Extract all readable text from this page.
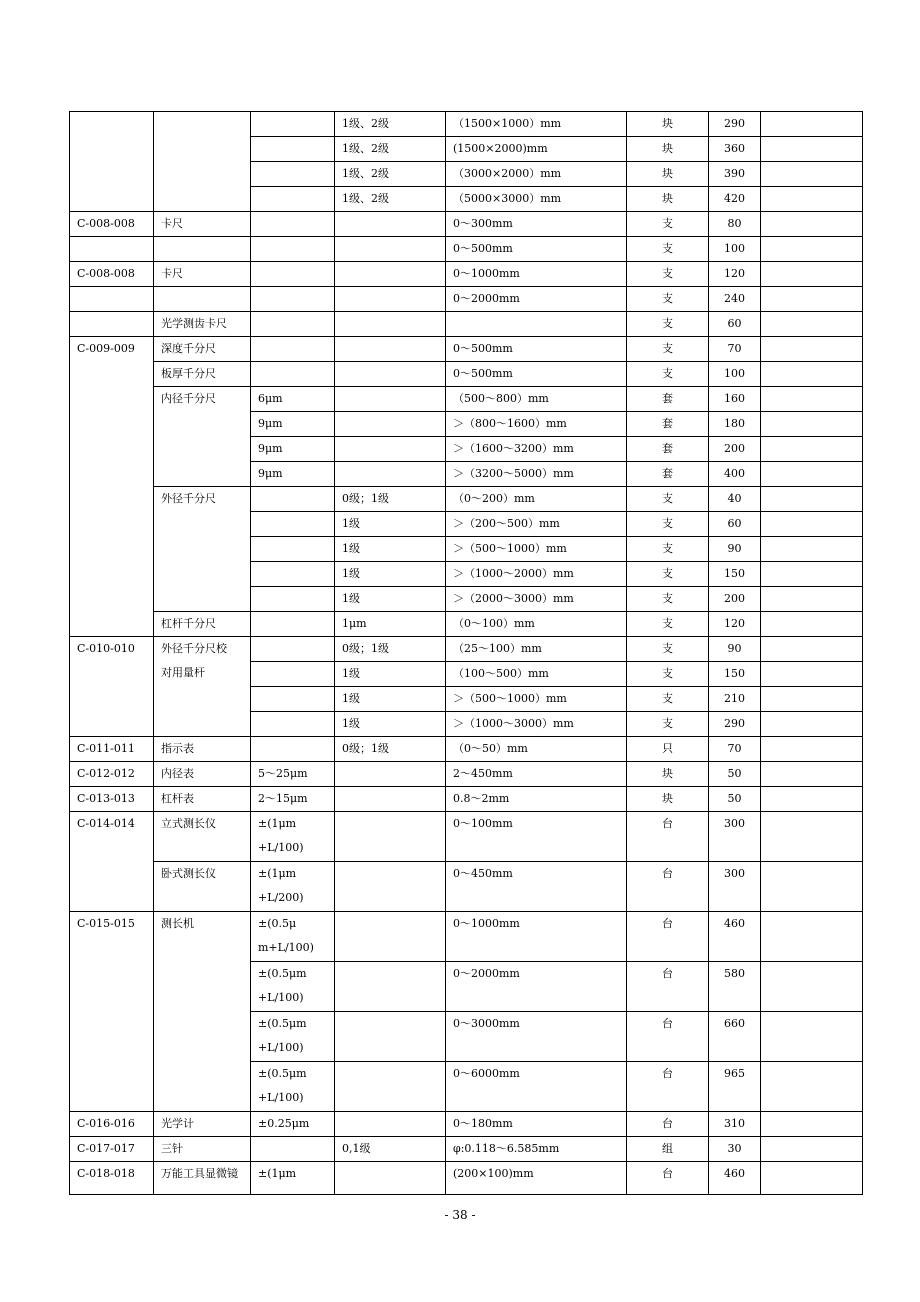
			1级、2级	（1500×1000）mm	块	290	
			1级、2级	(1500×2000)mm	块	360	
			1级、2级	（3000×2000）mm	块	390	
			1级、2级	（5000×3000）mm	块	420	
C-008-008	卡尺			0～300mm	支	80	
				0～500mm	支	100	
C-008-008	卡尺			0～1000mm	支	120	
				0～2000mm	支	240	
	光学测齿卡尺				支	60	
C-009-009	深度千分尺			0～500mm	支	70	
	板厚千分尺			0～500mm	支	100	
	内径千分尺	6μm		（500～800）mm	套	160	
		9μm		＞（800～1600）mm	套	180	
		9μm		＞（1600～3200）mm	套	200	
		9μm		＞（3200～5000）mm	套	400	
	外径千分尺		0级；1级	（0～200）mm	支	40	
			1级	＞（200～500）mm	支	60	
			1级	＞（500～1000）mm	支	90	
			1级	＞（1000～2000）mm	支	150	
			1级	＞（2000～3000）mm	支	200	
	杠杆千分尺		1μm	（0～100）mm	支	120	
C-010-010	外径千分尺校
对用量杆		0级；1级	（25～100）mm	支	90	
			1级	（100～500）mm	支	150	
			1级	＞（500～1000）mm	支	210	
			1级	＞（1000～3000）mm	支	290	
C-011-011	指示表		0级；1级	（0～50）mm	只	70	
C-012-012	内径表	5～25μm		2～450mm	块	50	
C-013-013	杠杆表	2～15μm		0.8～2mm	块	50	
C-014-014	立式测长仪	±(1μm
+L/100)		0～100mm	台	300	
	卧式测长仪	±(1μm
+L/200)		0～450mm	台	300	
C-015-015	测长机	±(0.5μ
m+L/100)		0～1000mm	台	460	
		±(0.5μm
+L/100)		0～2000mm	台	580	
		±(0.5μm
+L/100)		0～3000mm	台	660	
		±(0.5μm
+L/100)		0～6000mm	台	965	
C-016-016	光学计	±0.25μm		0～180mm	台	310	
C-017-017	三针		0,1级	φ:0.118～6.585mm	组	30	
C-018-018	万能工具显微镜	±(1μm		(200×100)mm	台	460	
- 38 -
